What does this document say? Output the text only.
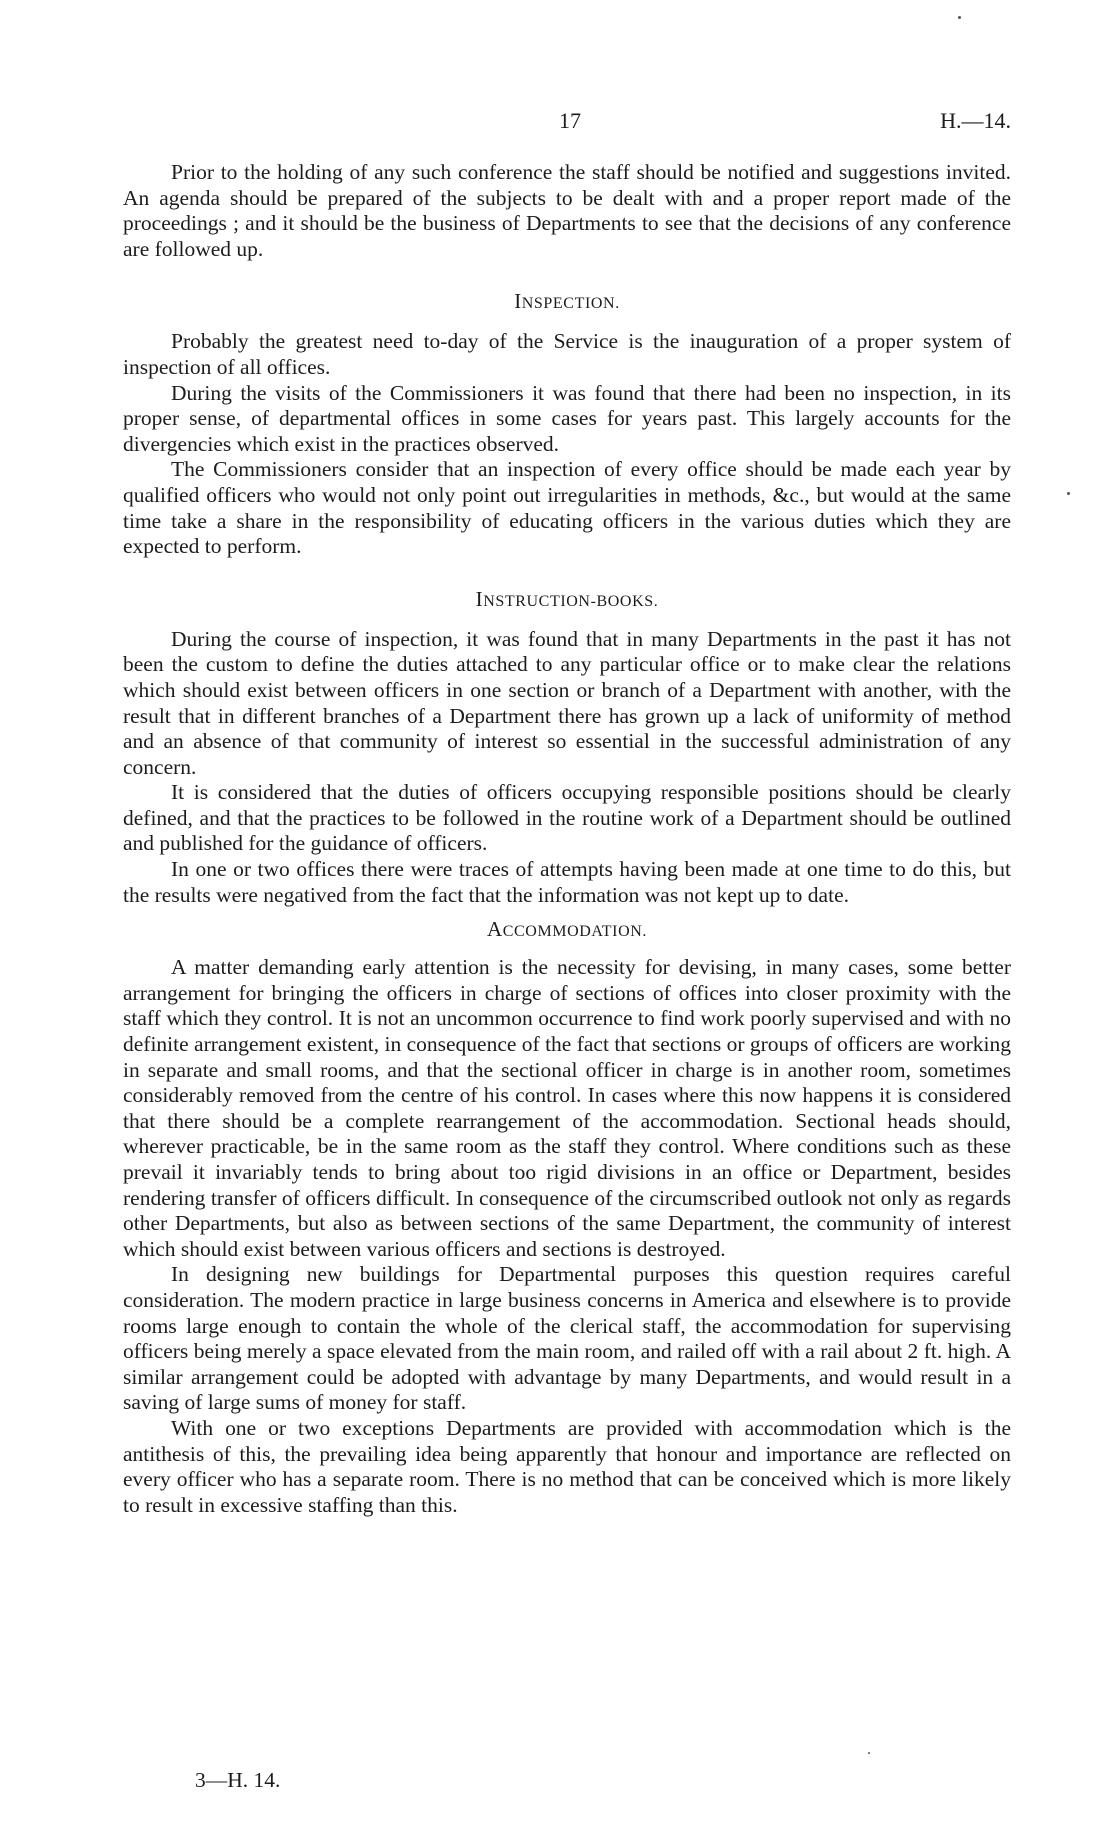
17	H.—14.

Prior to the holding of any such conference the staff should be notified and suggestions invited. An agenda should be prepared of the subjects to be dealt with and a proper report made of the proceedings ; and it should be the business of Departments to see that the decisions of any conference are followed up.

INSPECTION.

Probably the greatest need to-day of the Service is the inauguration of a proper system of inspection of all offices.

During the visits of the Commissioners it was found that there had been no inspection, in its proper sense, of departmental offices in some cases for years past. This largely accounts for the divergencies which exist in the practices observed.

The Commissioners consider that an inspection of every office should be made each year by qualified officers who would not only point out irregularities in methods, &c., but would at the same time take a share in the responsibility of educating officers in the various duties which they are expected to perform.

INSTRUCTION-BOOKS.

During the course of inspection, it was found that in many Departments in the past it has not been the custom to define the duties attached to any particular office or to make clear the relations which should exist between officers in one section or branch of a Department with another, with the result that in different branches of a Department there has grown up a lack of uniformity of method and an absence of that community of interest so essential in the successful administration of any concern.

It is considered that the duties of officers occupying responsible positions should be clearly defined, and that the practices to be followed in the routine work of a Department should be outlined and published for the guidance of officers.

In one or two offices there were traces of attempts having been made at one time to do this, but the results were negatived from the fact that the information was not kept up to date.

ACCOMMODATION.

A matter demanding early attention is the necessity for devising, in many cases, some better arrangement for bringing the officers in charge of sections of offices into closer proximity with the staff which they control. It is not an uncommon occurrence to find work poorly supervised and with no definite arrangement existent, in consequence of the fact that sections or groups of officers are working in separate and small rooms, and that the sectional officer in charge is in another room, sometimes considerably removed from the centre of his control. In cases where this now happens it is considered that there should be a complete rearrangement of the accommodation. Sectional heads should, wherever practicable, be in the same room as the staff they control. Where conditions such as these prevail it invariably tends to bring about too rigid divisions in an office or Department, besides rendering transfer of officers difficult. In consequence of the circumscribed outlook not only as regards other Departments, but also as between sections of the same Department, the community of interest which should exist between various officers and sections is destroyed.

In designing new buildings for Departmental purposes this question requires careful consideration. The modern practice in large business concerns in America and elsewhere is to provide rooms large enough to contain the whole of the clerical staff, the accommodation for supervising officers being merely a space elevated from the main room, and railed off with a rail about 2 ft. high. A similar arrangement could be adopted with advantage by many Departments, and would result in a saving of large sums of money for staff.

With one or two exceptions Departments are provided with accommodation which is the antithesis of this, the prevailing idea being apparently that honour and importance are reflected on every officer who has a separate room. There is no method that can be conceived which is more likely to result in excessive staffing than this.

3—H. 14.
